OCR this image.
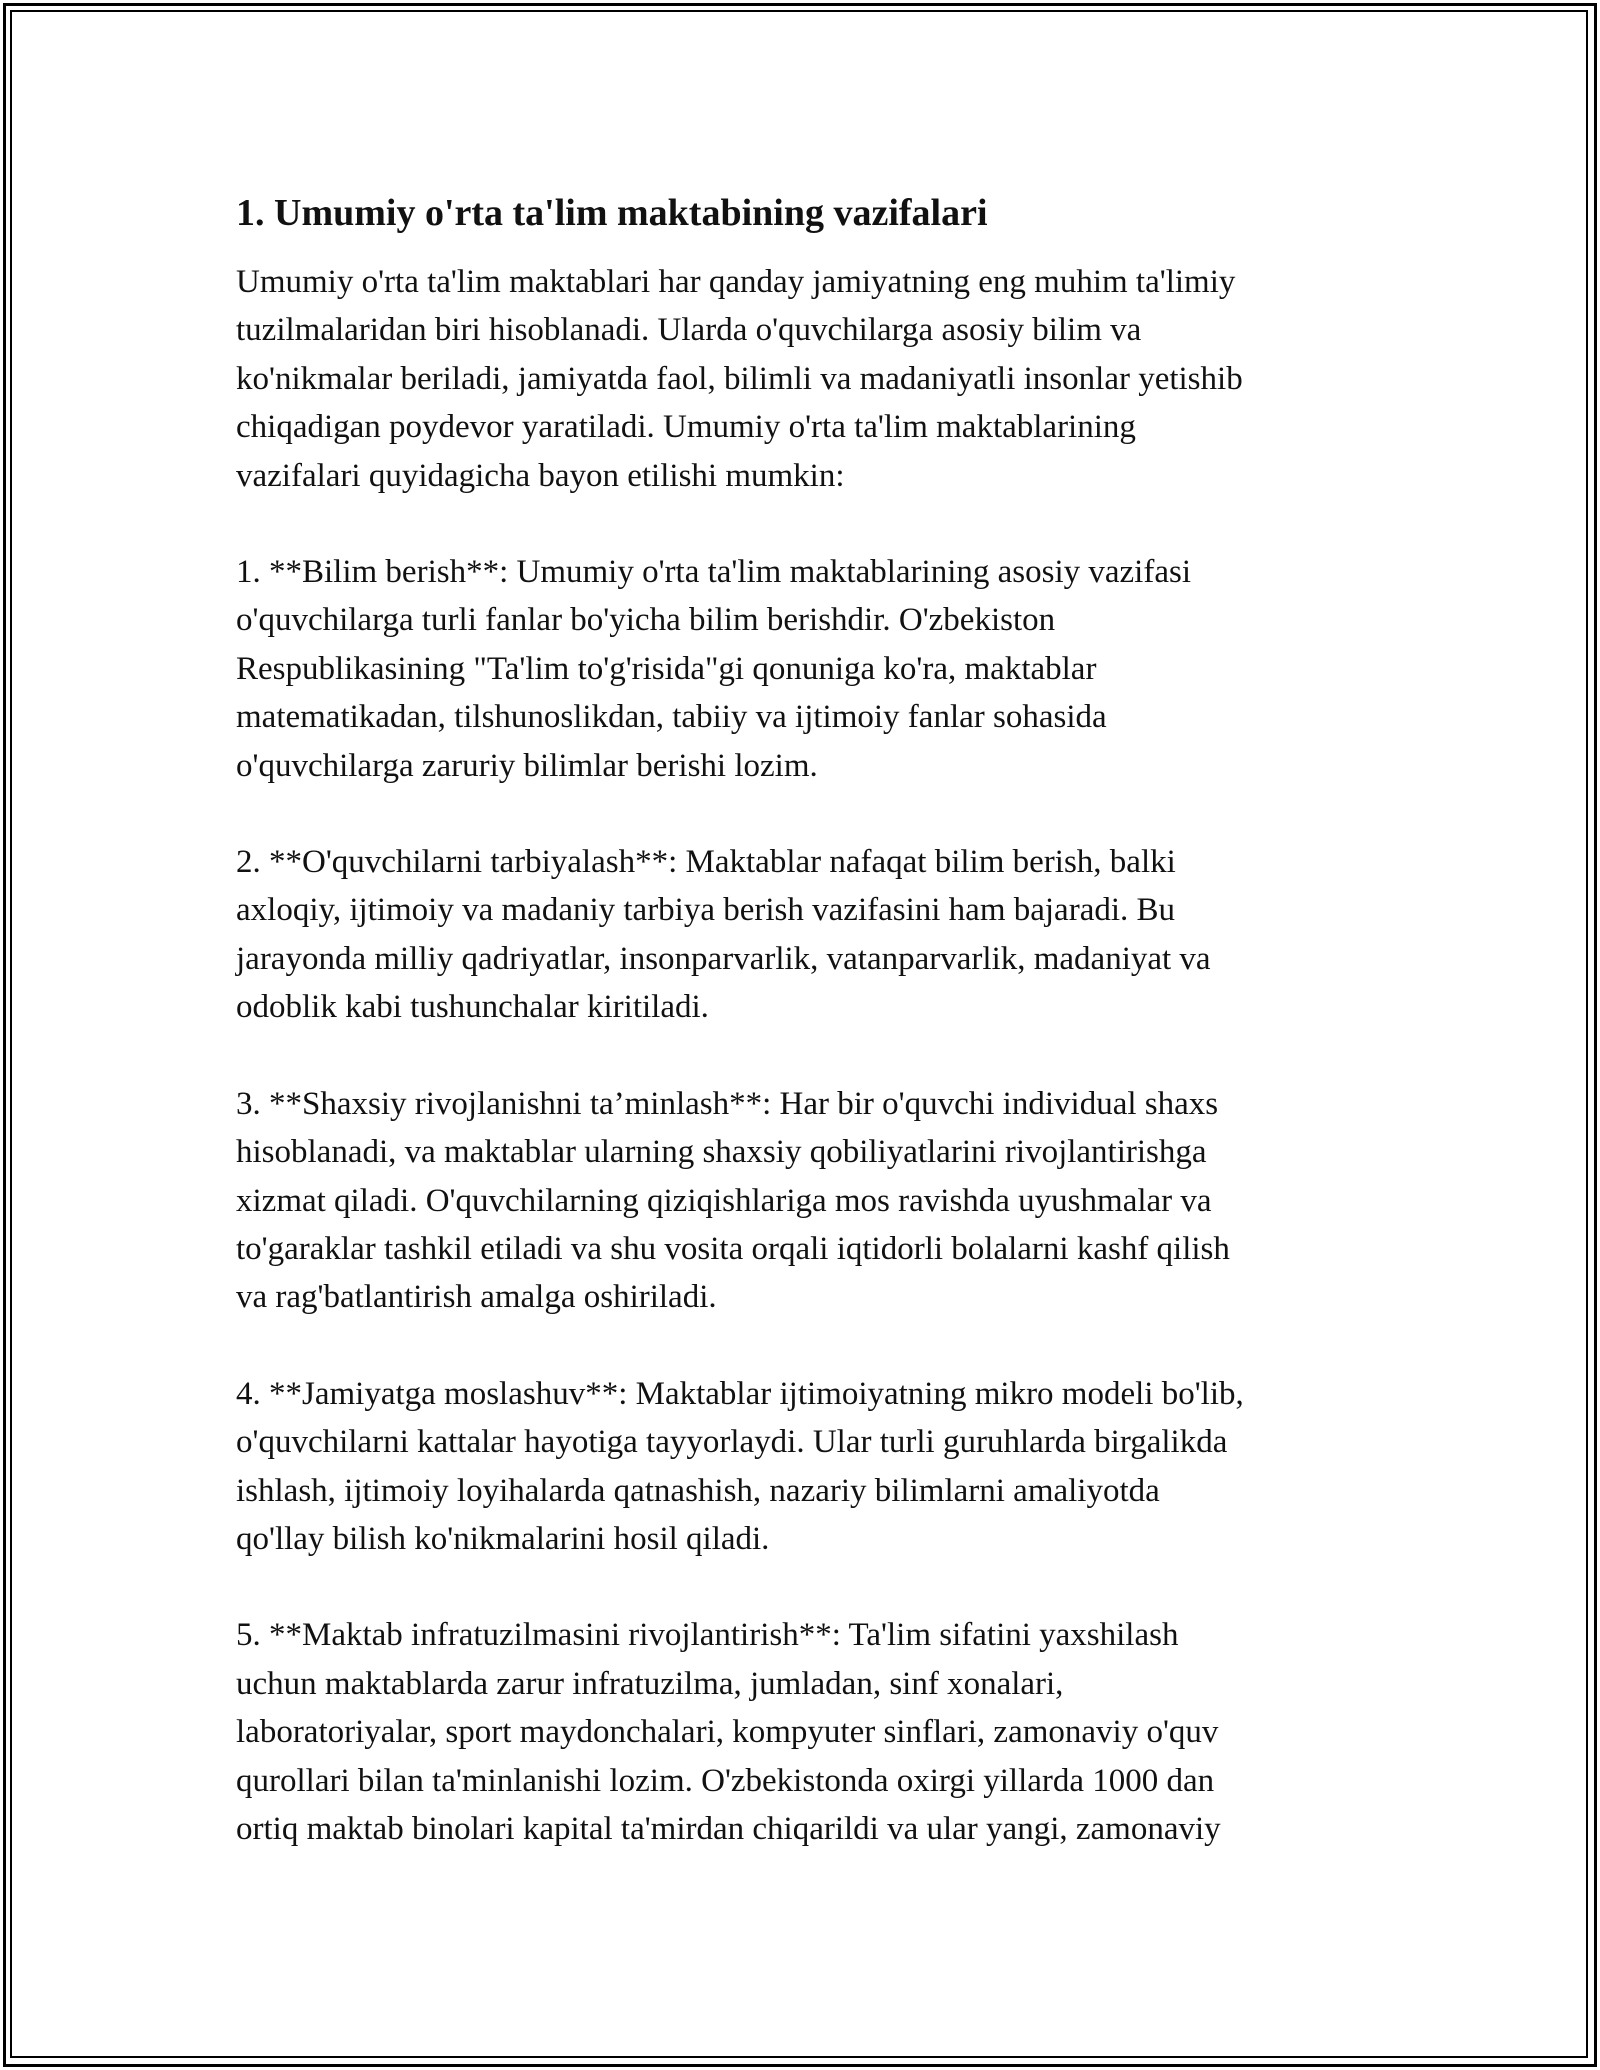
1. Umumiy o'rta ta'lim maktabining vazifalari
Umumiy o'rta ta'lim maktablari har qanday jamiyatning eng muhim ta'limiy
tuzilmalaridan biri hisoblanadi. Ularda o'quvchilarga asosiy bilim va
ko'nikmalar beriladi, jamiyatda faol, bilimli va madaniyatli insonlar yetishib
chiqadigan poydevor yaratiladi. Umumiy o'rta ta'lim maktablarining
vazifalari quyidagicha bayon etilishi mumkin:
1. **Bilim berish**: Umumiy o'rta ta'lim maktablarining asosiy vazifasi
o'quvchilarga turli fanlar bo'yicha bilim berishdir. O'zbekiston
Respublikasining "Ta'lim to'g'risida"gi qonuniga ko'ra, maktablar
matematikadan, tilshunoslikdan, tabiiy va ijtimoiy fanlar sohasida
o'quvchilarga zaruriy bilimlar berishi lozim.
2. **O'quvchilarni tarbiyalash**: Maktablar nafaqat bilim berish, balki
axloqiy, ijtimoiy va madaniy tarbiya berish vazifasini ham bajaradi. Bu
jarayonda milliy qadriyatlar, insonparvarlik, vatanparvarlik, madaniyat va
odoblik kabi tushunchalar kiritiladi.
3. **Shaxsiy rivojlanishni ta’minlash**: Har bir o'quvchi individual shaxs
hisoblanadi, va maktablar ularning shaxsiy qobiliyatlarini rivojlantirishga
xizmat qiladi. O'quvchilarning qiziqishlariga mos ravishda uyushmalar va
to'garaklar tashkil etiladi va shu vosita orqali iqtidorli bolalarni kashf qilish
va rag'batlantirish amalga oshiriladi.
4. **Jamiyatga moslashuv**: Maktablar ijtimoiyatning mikro modeli bo'lib,
o'quvchilarni kattalar hayotiga tayyorlaydi. Ular turli guruhlarda birgalikda
ishlash, ijtimoiy loyihalarda qatnashish, nazariy bilimlarni amaliyotda
qo'llay bilish ko'nikmalarini hosil qiladi.
5. **Maktab infratuzilmasini rivojlantirish**: Ta'lim sifatini yaxshilash
uchun maktablarda zarur infratuzilma, jumladan, sinf xonalari,
laboratoriyalar, sport maydonchalari, kompyuter sinflari, zamonaviy o'quv
qurollari bilan ta'minlanishi lozim. O'zbekistonda oxirgi yillarda 1000 dan
ortiq maktab binolari kapital ta'mirdan chiqarildi va ular yangi, zamonaviy
